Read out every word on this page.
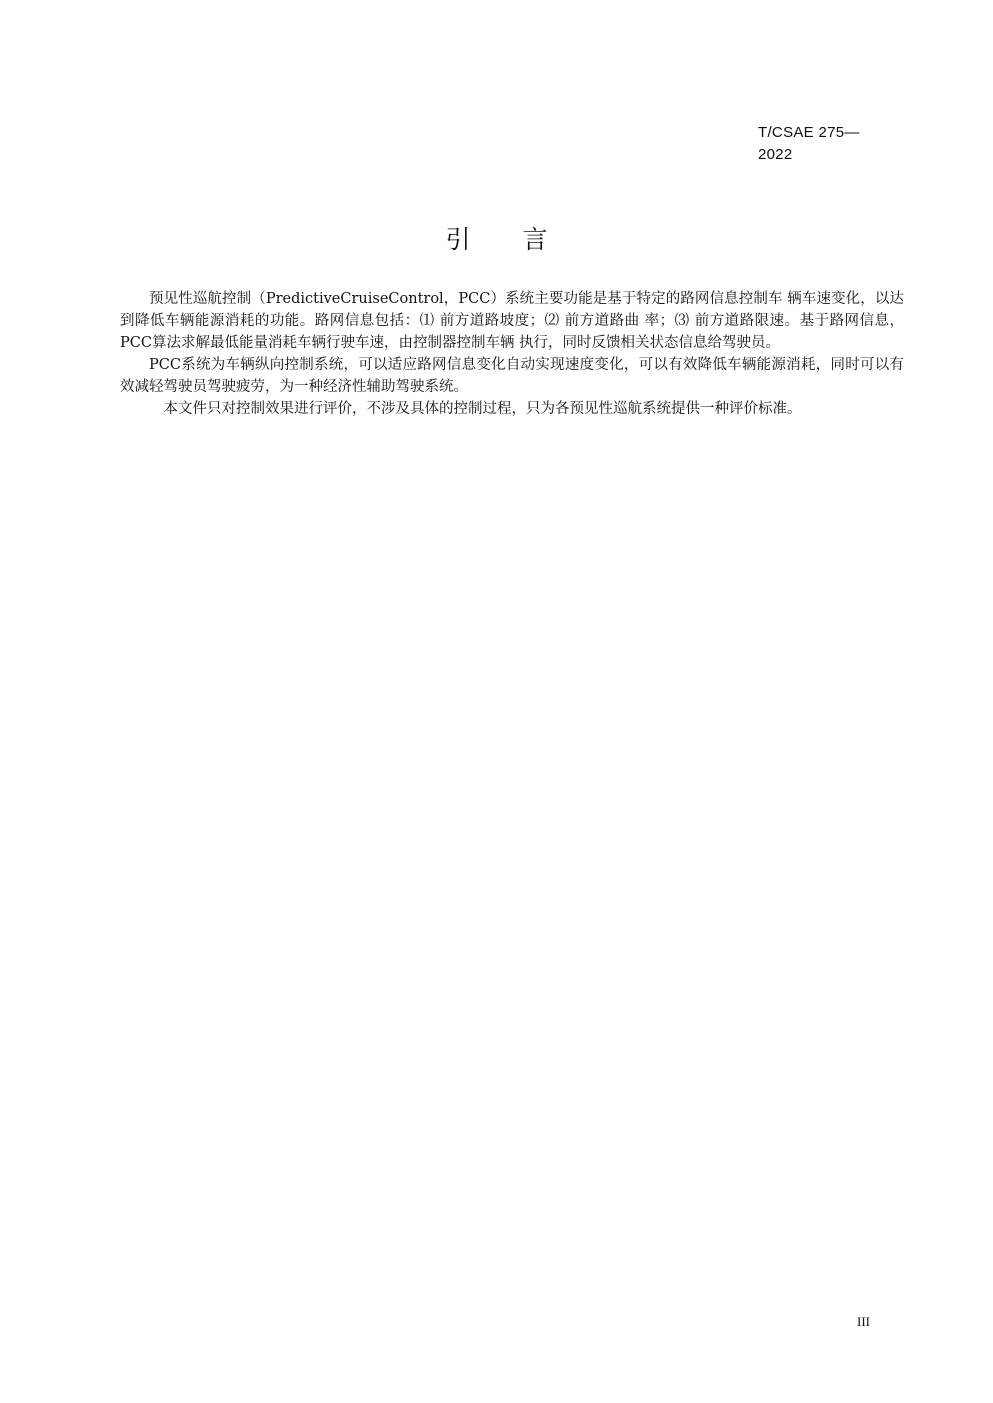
T/CSAE 275—
2022
引 言

预见性巡航控制（PredictiveCruiseControl，PCC）系统主要功能是基于特定的路网信息控制车 辆车速变化，以达到降低车辆能源消耗的功能。路网信息包括：⑴ 前方道路坡度；⑵ 前方道路曲 率；⑶ 前方道路限速。基于路网信息，PCC算法求解最低能量消耗车辆行驶车速，由控制器控制车辆 执行，同时反馈相关状态信息给驾驶员。

PCC系统为车辆纵向控制系统，可以适应路网信息变化自动实现速度变化，可以有效降低车辆能源消耗，同时可以有效减轻驾驶员驾驶疲劳，为一种经济性辅助驾驶系统。

本文件只对控制效果进行评价，不涉及具体的控制过程，只为各预见性巡航系统提供一种评价标准。

III
